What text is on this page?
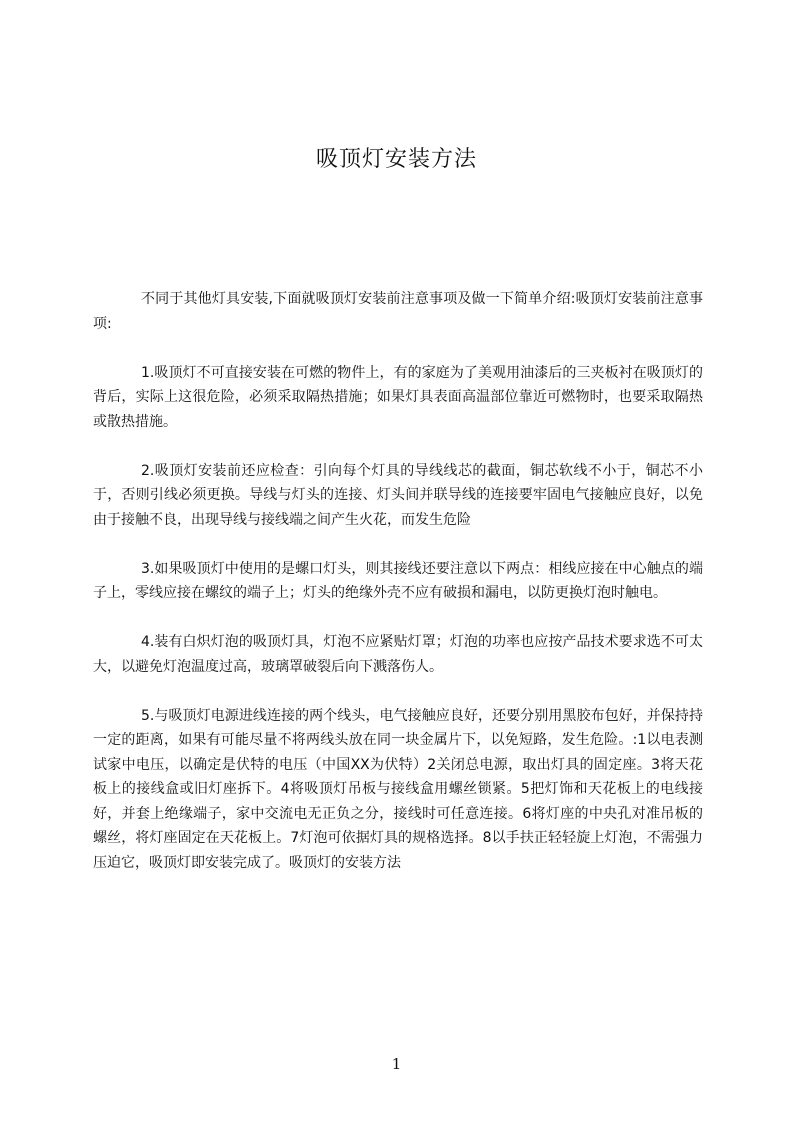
吸顶灯安装方法

不同于其他灯具安装,下面就吸顶灯安装前注意事项及做一下简单介绍:吸顶灯安装前注意事项:

1.吸顶灯不可直接安装在可燃的物件上，有的家庭为了美观用油漆后的三夹板衬在吸顶灯的背后，实际上这很危险，必须采取隔热措施；如果灯具表面高温部位靠近可燃物时，也要采取隔热或散热措施。

2.吸顶灯安装前还应检查：引向每个灯具的导线线芯的截面，铜芯软线不小于，铜芯不小于，否则引线必须更换。导线与灯头的连接、灯头间并联导线的连接要牢固电气接触应良好，以免由于接触不良，出现导线与接线端之间产生火花，而发生危险

3.如果吸顶灯中使用的是螺口灯头，则其接线还要注意以下两点：相线应接在中心触点的端子上，零线应接在螺纹的端子上；灯头的绝缘外壳不应有破损和漏电，以防更换灯泡时触电。

4.装有白炽灯泡的吸顶灯具，灯泡不应紧贴灯罩；灯泡的功率也应按产品技术要求选不可太大，以避免灯泡温度过高，玻璃罩破裂后向下溅落伤人。

5.与吸顶灯电源进线连接的两个线头，电气接触应良好，还要分别用黑胶布包好，并保持持一定的距离，如果有可能尽量不将两线头放在同一块金属片下，以免短路，发生危险。:1以电表测试家中电压，以确定是伏特的电压（中国XX为伏特）2关闭总电源，取出灯具的固定座。3将天花板上的接线盒或旧灯座拆下。4将吸顶灯吊板与接线盒用螺丝锁紧。5把灯饰和天花板上的电线接好，并套上绝缘端子，家中交流电无正负之分，接线时可任意连接。6将灯座的中央孔对准吊板的螺丝，将灯座固定在天花板上。7灯泡可依据灯具的规格选择。8以手扶正轻轻旋上灯泡，不需强力压迫它，吸顶灯即安装完成了。吸顶灯的安装方法

1
